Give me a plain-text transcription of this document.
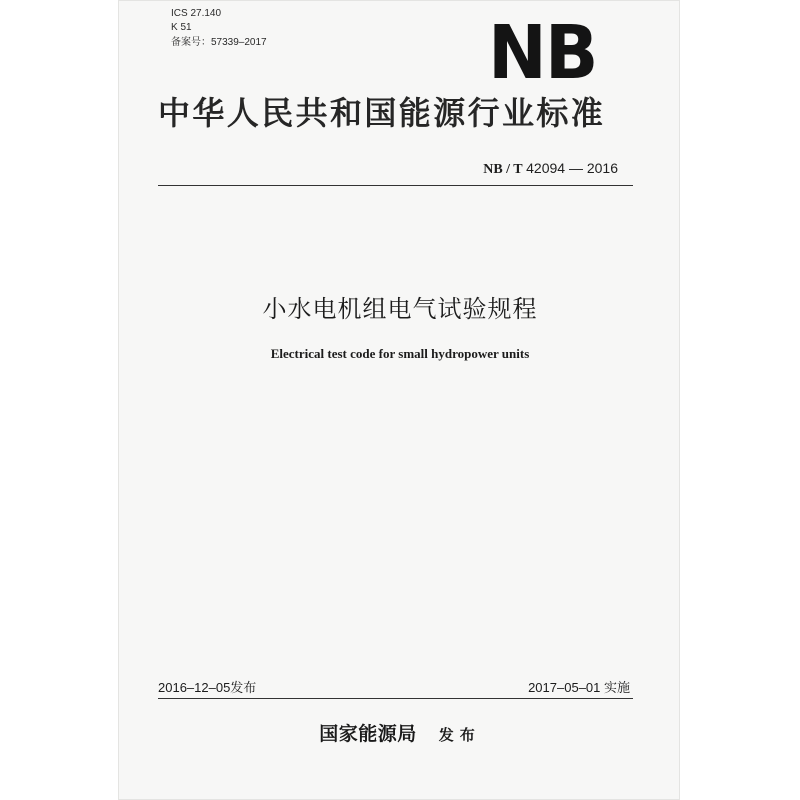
ICS 27.140
K 51
备案号：57339–2017	NB
中华人民共和国能源行业标准
NB / T 42094 — 2016
小水电机组电气试验规程
Electrical test code for small hydropower units
2016–12–05发布	2017–05–01 实施
国家能源局 发布
